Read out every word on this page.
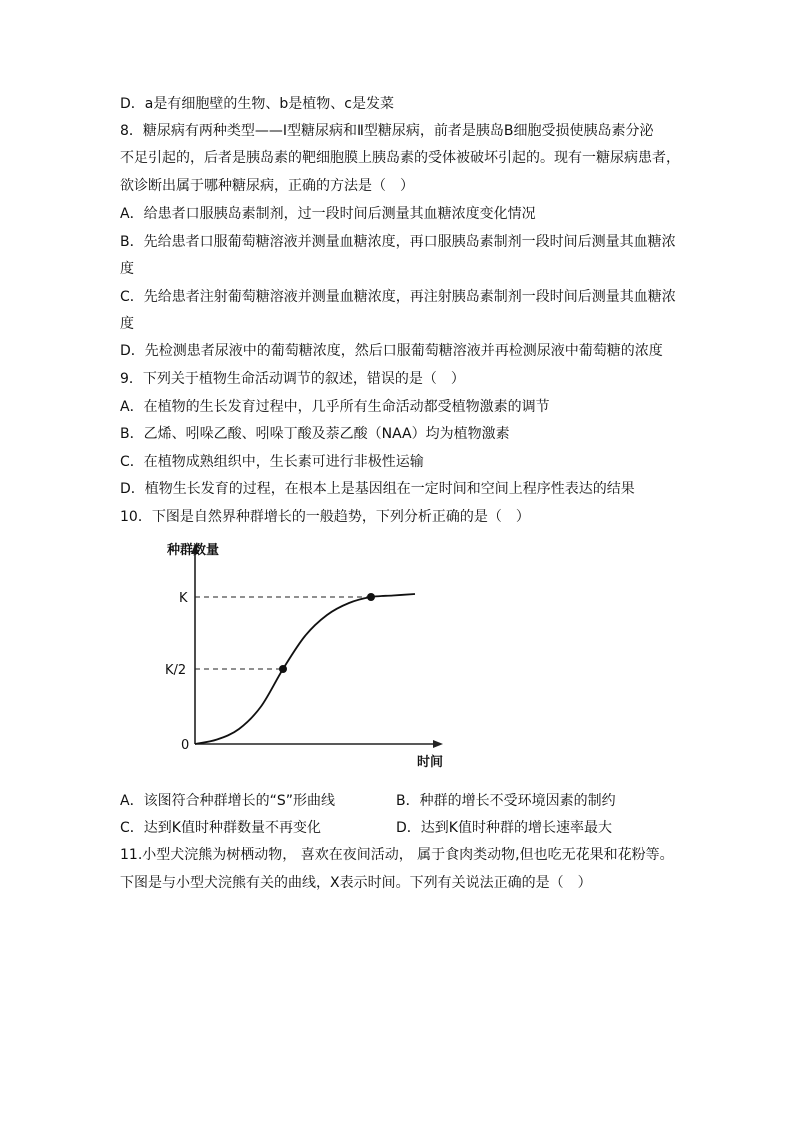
D．a是有细胞壁的生物、b是植物、c是发菜
8．糖尿病有两种类型——Ⅰ型糖尿病和Ⅱ型糖尿病，前者是胰岛B细胞受损使胰岛素分泌
不足引起的，后者是胰岛素的靶细胞膜上胰岛素的受体被破坏引起的。现有一糖尿病患者，
欲诊断出属于哪种糖尿病，正确的方法是（　）
A．给患者口服胰岛素制剂，过一段时间后测量其血糖浓度变化情况
B．先给患者口服葡萄糖溶液并测量血糖浓度，再口服胰岛素制剂一段时间后测量其血糖浓
度
C．先给患者注射葡萄糖溶液并测量血糖浓度，再注射胰岛素制剂一段时间后测量其血糖浓
度
D．先检测患者尿液中的葡萄糖浓度，然后口服葡萄糖溶液并再检测尿液中葡萄糖的浓度
9．下列关于植物生命活动调节的叙述，错误的是（　）
A．在植物的生长发育过程中，几乎所有生命活动都受植物激素的调节
B．乙烯、吲哚乙酸、吲哚丁酸及萘乙酸（NAA）均为植物激素
C．在植物成熟组织中，生长素可进行非极性运输
D．植物生长发育的过程，在根本上是基因组在一定时间和空间上程序性表达的结果
10．下图是自然界种群增长的一般趋势，下列分析正确的是（　）
种群数量
时间
0
K/2
K
A．该图符合种群增长的“S”形曲线	B．种群的增长不受环境因素的制约
C．达到K值时种群数量不再变化	D．达到K值时种群的增长速率最大
11.小型犬浣熊为树栖动物， 喜欢在夜间活动， 属于食肉类动物,但也吃无花果和花粉等。
下图是与小型犬浣熊有关的曲线，X表示时间。下列有关说法正确的是（　）
